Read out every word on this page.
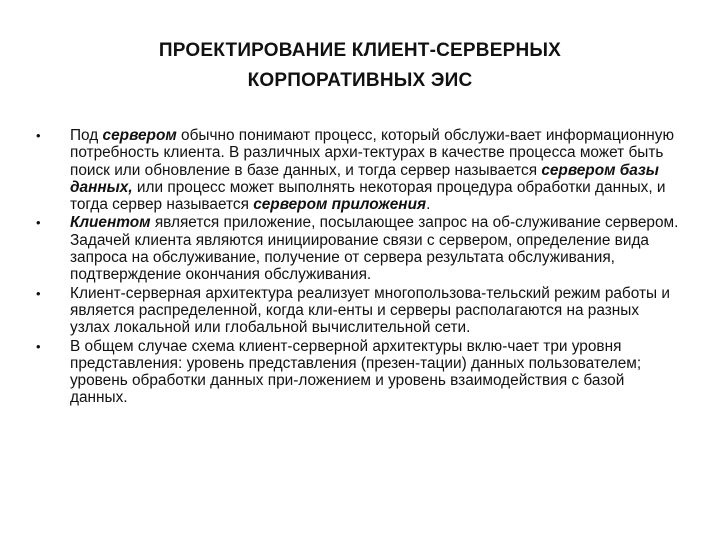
ПРОЕКТИРОВАНИЕ КЛИЕНТ-СЕРВЕРНЫХ
КОРПОРАТИВНЫХ ЭИС
• Под сервером обычно понимают процесс, который обслужи-вает информационную потребность клиента. В различных архи-тектурах в качестве процесса может быть поиск или обновление в базе данных, и тогда сервер называется сервером базы данных, или процесс может выполнять некоторая процедура обработки данных, и тогда сервер называется сервером приложения.
• Клиентом является приложение, посылающее запрос на об-служивание сервером. Задачей клиента являются инициирование связи с сервером, определение вида запроса на обслуживание, получение от сервера результата обслуживания, подтверждение окончания обслуживания.
• Клиент-серверная архитектура реализует многопользова-тельский режим работы и является распределенной, когда кли-енты и серверы располагаются на разных узлах локальной или глобальной вычислительной сети.
• В общем случае схема клиент-серверной архитектуры вклю-чает три уровня представления: уровень представления (презен-тации) данных пользователем; уровень обработки данных при-ложением и уровень взаимодействия с базой данных.
